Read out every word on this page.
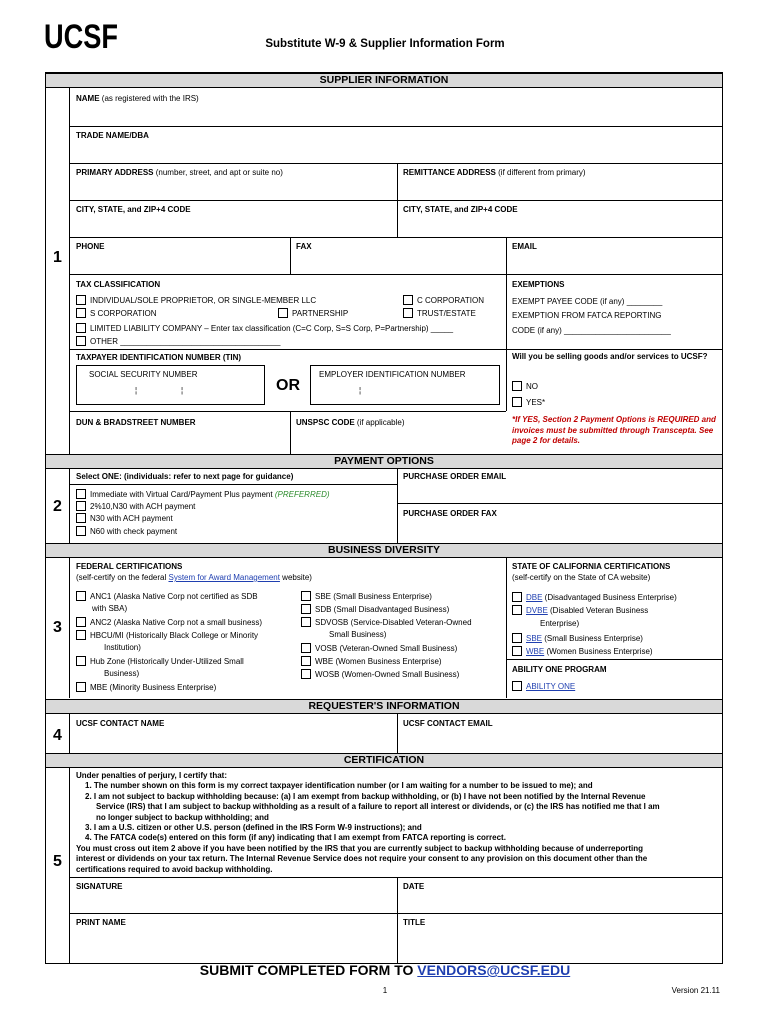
UCSF	Substitute W-9 & Supplier Information Form
SUPPLIER INFORMATION
1
NAME (as registered with the IRS)
TRADE NAME/DBA
PRIMARY ADDRESS (number, street, and apt or suite no)	REMITTANCE ADDRESS (if different from primary)
CITY, STATE, and ZIP+4 CODE	CITY, STATE, and ZIP+4 CODE
PHONE	FAX	EMAIL
TAX CLASSIFICATION
INDIVIDUAL/SOLE PROPRIETOR, OR SINGLE-MEMBER LLC	C CORPORATION
S CORPORATION	PARTNERSHIP	TRUST/ESTATE
LIMITED LIABILITY COMPANY – Enter tax classification (C=C Corp, S=S Corp, P=Partnership) _____
OTHER ____________________________________
EXEMPTIONS
EXEMPT PAYEE CODE (if any) ________
EXEMPTION FROM FATCA REPORTING
CODE (if any) ________________________
TAXPAYER IDENTIFICATION NUMBER (TIN)
SOCIAL SECURITY NUMBER
¦	¦	OR
EMPLOYER IDENTIFICATION NUMBER
¦
Will you be selling goods and/or services to UCSF?
NO
YES*
DUN & BRADSTREET NUMBER	UNSPSC CODE (if applicable)	*If YES, Section 2 Payment Options is REQUIRED and invoices must be submitted through Transcepta. See page 2 for details.
PAYMENT OPTIONS
2
Select ONE: (individuals: refer to next page for guidance)
Immediate with Virtual Card/Payment Plus payment (PREFERRED)
2%10,N30 with ACH payment
N30 with ACH payment
N60 with check payment
PURCHASE ORDER EMAIL
PURCHASE ORDER FAX
BUSINESS DIVERSITY
3
FEDERAL CERTIFICATIONS
(self-certify on the federal System for Award Management website)
ANC1 (Alaska Native Corp not certified as SDB
with SBA)
ANC2 (Alaska Native Corp not a small business)
HBCU/MI (Historically Black College or Minority
Institution)
Hub Zone (Historically Under-Utilized Small
Business)
MBE (Minority Business Enterprise)
SBE (Small Business Enterprise)
SDB (Small Disadvantaged Business)
SDVOSB (Service-Disabled Veteran-Owned
Small Business)
VOSB (Veteran-Owned Small Business)
WBE (Women Business Enterprise)
WOSB (Women-Owned Small Business)
STATE OF CALIFORNIA CERTIFICATIONS
(self-certify on the State of CA website)
DBE (Disadvantaged Business Enterprise)
DVBE (Disabled Veteran Business
Enterprise)
SBE (Small Business Enterprise)
WBE (Women Business Enterprise)
ABILITY ONE PROGRAM
ABILITY ONE
REQUESTER'S INFORMATION
4
UCSF CONTACT NAME	UCSF CONTACT EMAIL
CERTIFICATION
5
Under penalties of perjury, I certify that:
1. The number shown on this form is my correct taxpayer identification number (or I am waiting for a number to be issued to me); and
2. I am not subject to backup withholding because: (a) I am exempt from backup withholding, or (b) I have not been notified by the Internal Revenue
Service (IRS) that I am subject to backup withholding as a result of a failure to report all interest or dividends, or (c) the IRS has notified me that I am
no longer subject to backup withholding; and
3. I am a U.S. citizen or other U.S. person (defined in the IRS Form W-9 instructions); and
4. The FATCA code(s) entered on this form (if any) indicating that I am exempt from FATCA reporting is correct.
You must cross out item 2 above if you have been notified by the IRS that you are currently subject to backup withholding because of underreporting
interest or dividends on your tax return. The Internal Revenue Service does not require your consent to any provision on this document other than the
certifications required to avoid backup withholding.
SIGNATURE	DATE
PRINT NAME	TITLE
SUBMIT COMPLETED FORM TO VENDORS@UCSF.EDU
1	Version 21.11
